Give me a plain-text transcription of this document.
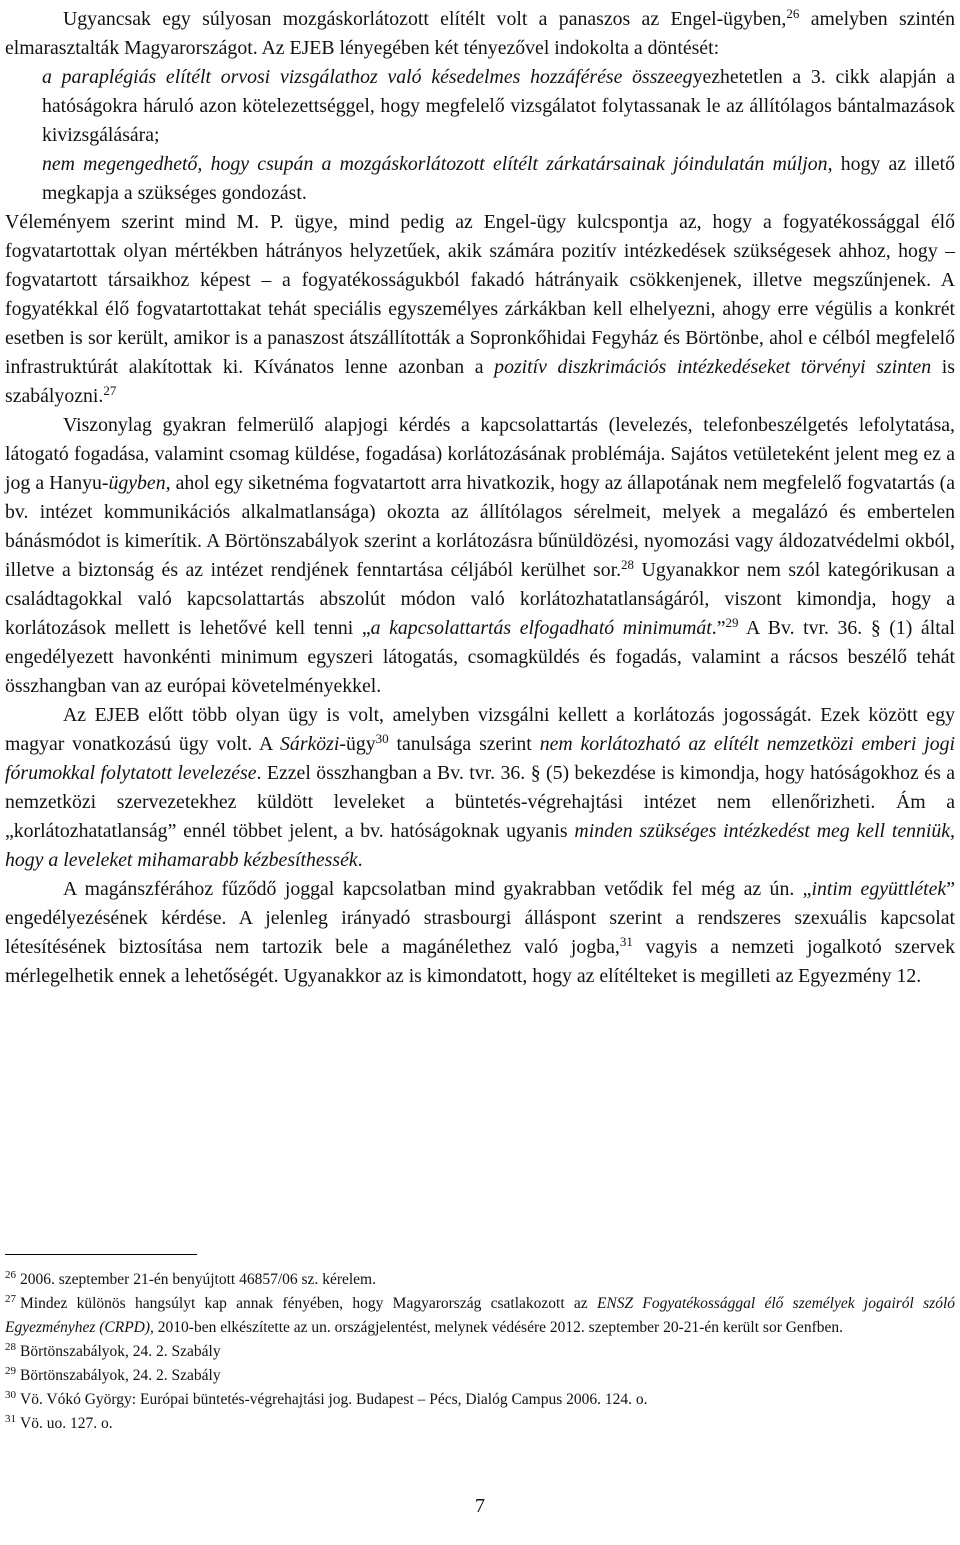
Ugyancsak egy súlyosan mozgáskorlátozott elítélt volt a panaszos az Engel-ügyben,$^{26}$ amelyben szintén elmarasztalták Magyarországot. Az EJEB lényegében két tényezővel indokolta a döntését:

a paraplégiás elítélt orvosi vizsgálathoz való késedelmes hozzáférése összeegyezhetetlen a 3. cikk alapján a hatóságokra háruló azon kötelezettséggel, hogy megfelelő vizsgálatot folytassanak le az állítólagos bántalmazások kivizsgálására;

nem megengedhető, hogy csupán a mozgáskorlátozott elítélt zárkatársainak jóindulatán múljon, hogy az illető megkapja a szükséges gondozást.

Véleményem szerint mind M. P. ügye, mind pedig az Engel-ügy kulcspontja az, hogy a fogyatékossággal élő fogvatartottak olyan mértékben hátrányos helyzetűek, akik számára pozitív intézkedések szükségesek ahhoz, hogy – fogvatartott társaikhoz képest – a fogyatékosságukból fakadó hátrányaik csökkenjenek, illetve megszűnjenek. A fogyatékkal élő fogvatartottakat tehát speciális egyszemélyes zárkákban kell elhelyezni, ahogy erre végülis a konkrét esetben is sor került, amikor is a panaszost átszállították a Sopronkőhidai Fegyház és Börtönbe, ahol e célból megfelelő infrastruktúrát alakítottak ki. Kívánatos lenne azonban a pozitív diszkrimációs intézkedéseket törvényi szinten is szabályozni.$^{27}$

Viszonylag gyakran felmerülő alapjogi kérdés a kapcsolattartás (levelezés, telefonbeszélgetés lefolytatása, látogató fogadása, valamint csomag küldése, fogadása) korlátozásának problémája. Sajátos vetületeként jelent meg ez a jog a Hanyu-ügyben, ahol egy siketnéma fogvatartott arra hivatkozik, hogy az állapotának nem megfelelő fogvatartás (a bv. intézet kommunikációs alkalmatlansága) okozta az állítólagos sérelmeit, melyek a megalázó és embertelen bánásmódot is kimerítik. A Börtönszabályok szerint a korlátozásra bűnüldözési, nyomozási vagy áldozatvédelmi okból, illetve a biztonság és az intézet rendjének fenntartása céljából kerülhet sor.$^{28}$ Ugyanakkor nem szól kategórikusan a családtagokkal való kapcsolattartás abszolút módon való korlátozhatatlanságáról, viszont kimondja, hogy a korlátozások mellett is lehetővé kell tenni „a kapcsolattartás elfogadható minimumát.”$^{29}$ A Bv. tvr. 36. § (1) által engedélyezett havonkénti minimum egyszeri látogatás, csomagküldés és fogadás, valamint a rácsos beszélő tehát összhangban van az európai követelményekkel.

Az EJEB előtt több olyan ügy is volt, amelyben vizsgálni kellett a korlátozás jogosságát. Ezek között egy magyar vonatkozású ügy volt. A Sárközi-ügy$^{30}$ tanulsága szerint nem korlátozható az elítélt nemzetközi emberi jogi fórumokkal folytatott levelezése. Ezzel összhangban a Bv. tvr. 36. § (5) bekezdése is kimondja, hogy hatóságokhoz és a nemzetközi szervezetekhez küldött leveleket a büntetés-végrehajtási intézet nem ellenőrizheti. Ám a „korlátozhatatlanság” ennél többet jelent, a bv. hatóságoknak ugyanis minden szükséges intézkedést meg kell tenniük, hogy a leveleket mihamarabb kézbesíthessék.

A magánszférához fűződő joggal kapcsolatban mind gyakrabban vetődik fel még az ún. „intim együttlétek” engedélyezésének kérdése. A jelenleg irányadó strasbourgi álláspont szerint a rendszeres szexuális kapcsolat létesítésének biztosítása nem tartozik bele a magánélethez való jogba,$^{31}$ vagyis a nemzeti jogalkotó szervek mérlegelhetik ennek a lehetőségét. Ugyanakkor az is kimondatott, hogy az elítélteket is megilleti az Egyezmény 12.

$^{26}$ 2006. szeptember 21-én benyújtott 46857/06 sz. kérelem.

$^{27}$ Mindez különös hangsúlyt kap annak fényében, hogy Magyarország csatlakozott az ENSZ Fogyatékossággal élő személyek jogairól szóló Egyezményhez (CRPD), 2010-ben elkészítette az un. országjelentést, melynek védésére 2012. szeptember 20-21-én került sor Genfben.

$^{28}$ Börtönszabályok, 24. 2. Szabály

$^{29}$ Börtönszabályok, 24. 2. Szabály

$^{30}$ Vö. Vókó György: Európai büntetés-végrehajtási jog. Budapest – Pécs, Dialóg Campus 2006. 124. o.

$^{31}$ Vö. uo. 127. o.

7
